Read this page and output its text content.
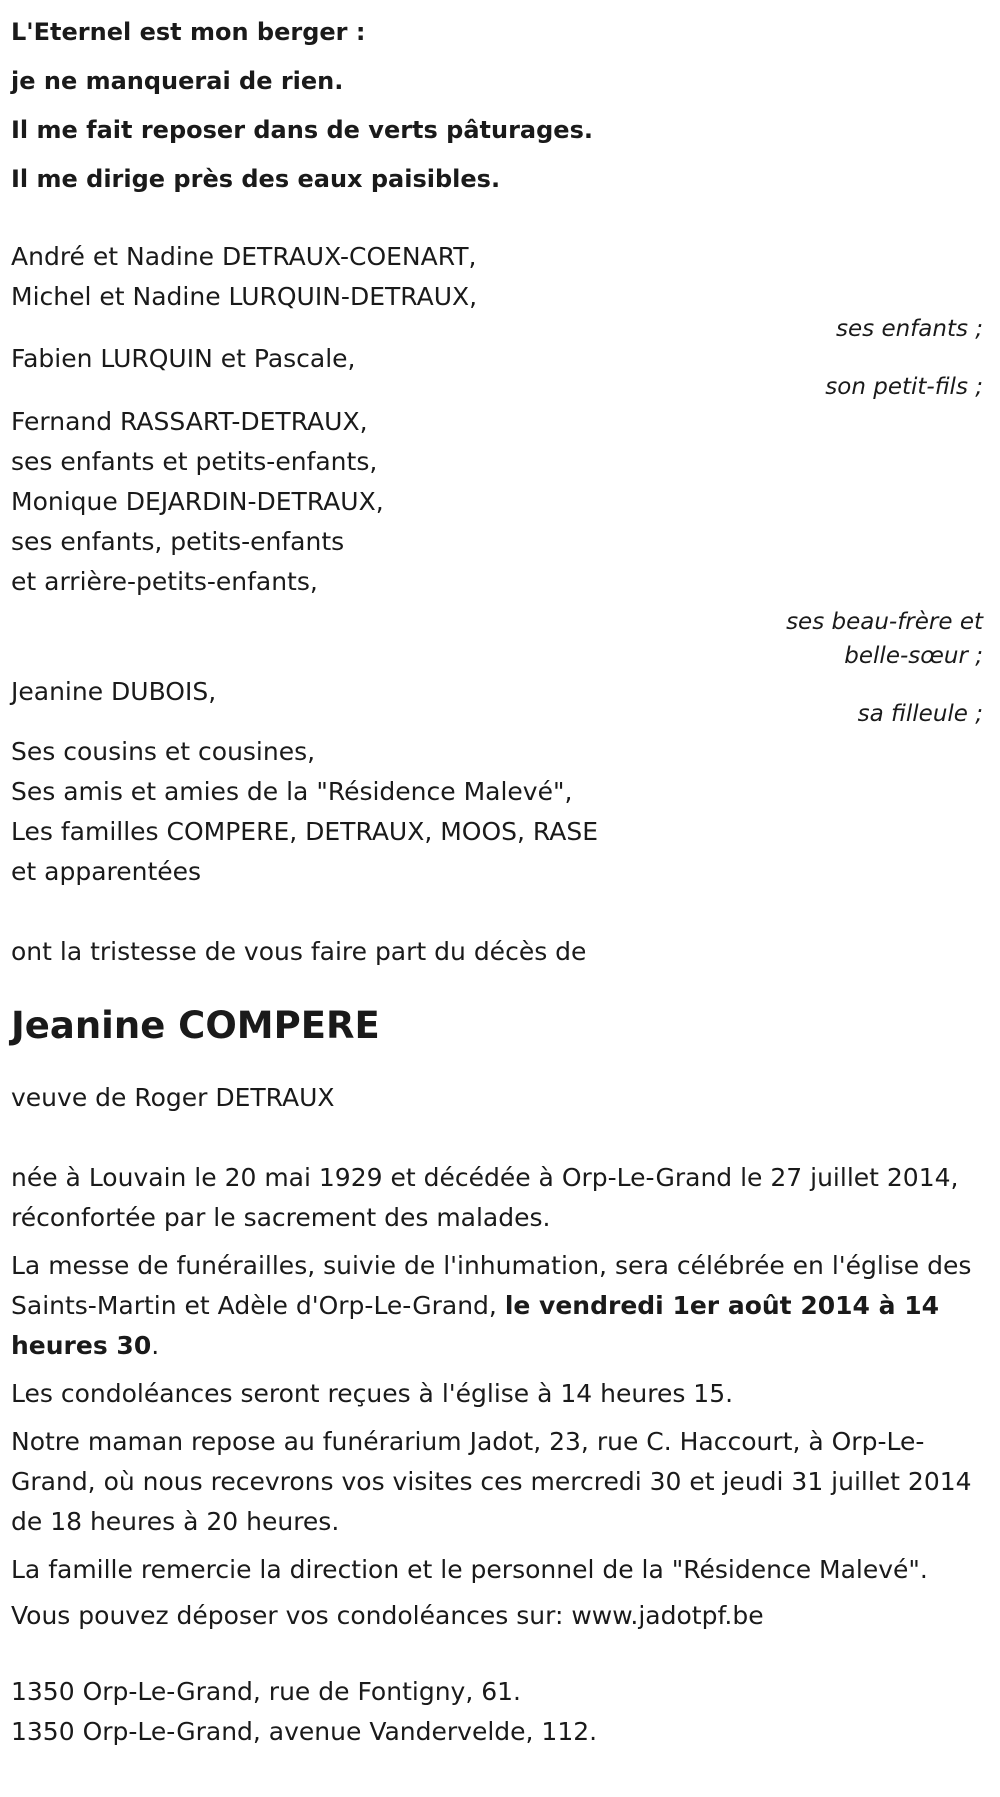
L'Eternel est mon berger :
je ne manquerai de rien.
Il me fait reposer dans de verts pâturages.
Il me dirige près des eaux paisibles.
André et Nadine DETRAUX-COENART,
Michel et Nadine LURQUIN-DETRAUX,
ses enfants ;
Fabien LURQUIN et Pascale,
son petit-fils ;
Fernand RASSART-DETRAUX,
ses enfants et petits-enfants,
Monique DEJARDIN-DETRAUX,
ses enfants, petits-enfants
et arrière-petits-enfants,
ses beau-frère et
belle-sœur ;
Jeanine DUBOIS,
sa filleule ;
Ses cousins et cousines,
Ses amis et amies de la "Résidence Malevé",
Les familles COMPERE, DETRAUX, MOOS, RASE
et apparentées

ont la tristesse de vous faire part du décès de

Jeanine COMPERE

veuve de Roger DETRAUX

née à Louvain le 20 mai 1929 et décédée à Orp-Le-Grand le 27 juillet 2014,
réconfortée par le sacrement des malades.

La messe de funérailles, suivie de l'inhumation, sera célébrée en l'église des Saints-Martin et Adèle d'Orp-Le-Grand, le vendredi 1er août 2014 à 14 heures 30.

Les condoléances seront reçues à l'église à 14 heures 15.

Notre maman repose au funérarium Jadot, 23, rue C. Haccourt, à Orp-Le-Grand, où nous recevrons vos visites ces mercredi 30 et jeudi 31 juillet 2014 de 18 heures à 20 heures.

La famille remercie la direction et le personnel de la "Résidence Malevé".

Vous pouvez déposer vos condoléances sur: www.jadotpf.be

1350 Orp-Le-Grand, rue de Fontigny, 61.
1350 Orp-Le-Grand, avenue Vandervelde, 112.
